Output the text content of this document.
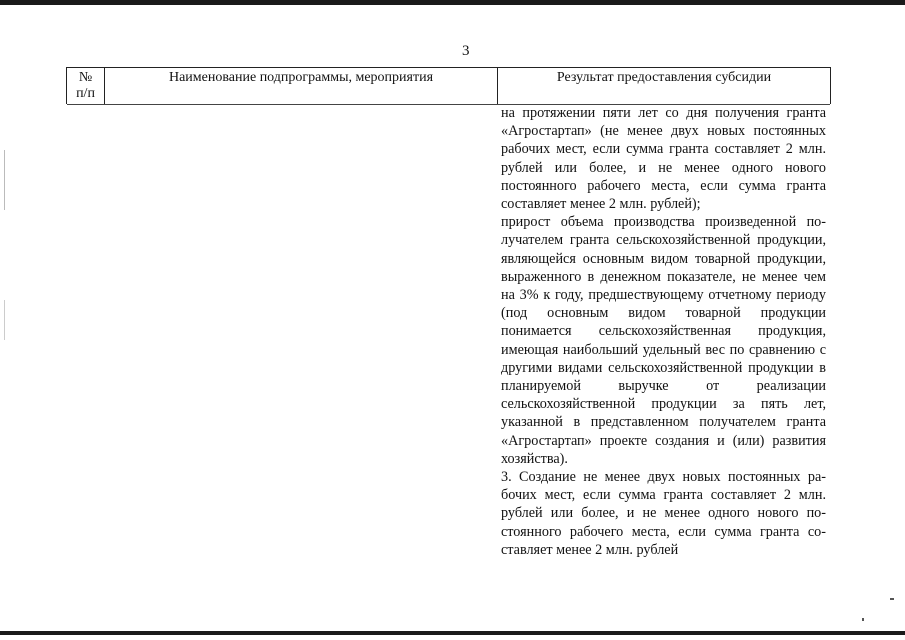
3
№
п/п
Наименование подпрограммы, мероприятия	Результат предоставления субсидии

на протяжении пяти лет со дня получения гранта «Агростартап» (не менее двух новых постоянных рабочих мест, если сумма гранта составляет 2 млн. рублей или более, и не менее одного нового постоянного рабочего места, если сумма гранта составляет менее 2 млн. рублей);

прирост объема производства произведенной получателем гранта сельскохозяйственной продукции, являющейся основным видом товарной продукции, выраженного в денежном показателе, не менее чем на 3% к году, предшествующему отчетному периоду (под основным видом товарной продукции понимается сельскохозяйственная продукция, имеющая наибольший удельный вес по сравнению с другими видами сельскохозяйственной продукции в планируемой выручке от реализации сельскохозяйственной продукции за пять лет, указанной в представленном получателем гранта «Агростартап» проекте создания и (или) развития хозяйства).

3. Создание не менее двух новых постоянных рабочих мест, если сумма гранта составляет 2 млн. рублей или более, и не менее одного нового постоянного рабочего места, если сумма гранта составляет менее 2 млн. рублей
